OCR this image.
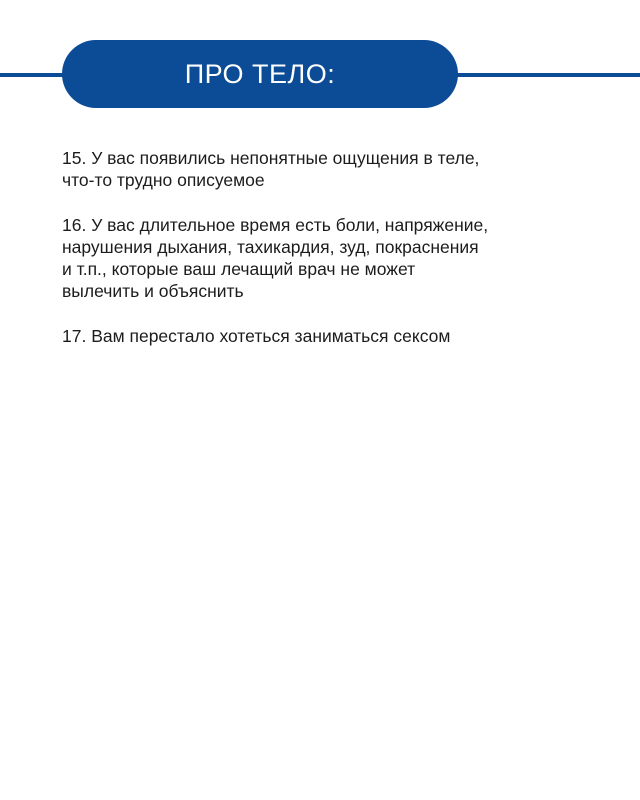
ПРО ТЕЛО:

15. У вас появились непонятные ощущения в теле,
что-то трудно описуемое

16. У вас длительное время есть боли, напряжение,
нарушения дыхания, тахикардия, зуд, покраснения
и т.п., которые ваш лечащий врач не может
вылечить и объяснить

17. Вам перестало хотеться заниматься сексом
